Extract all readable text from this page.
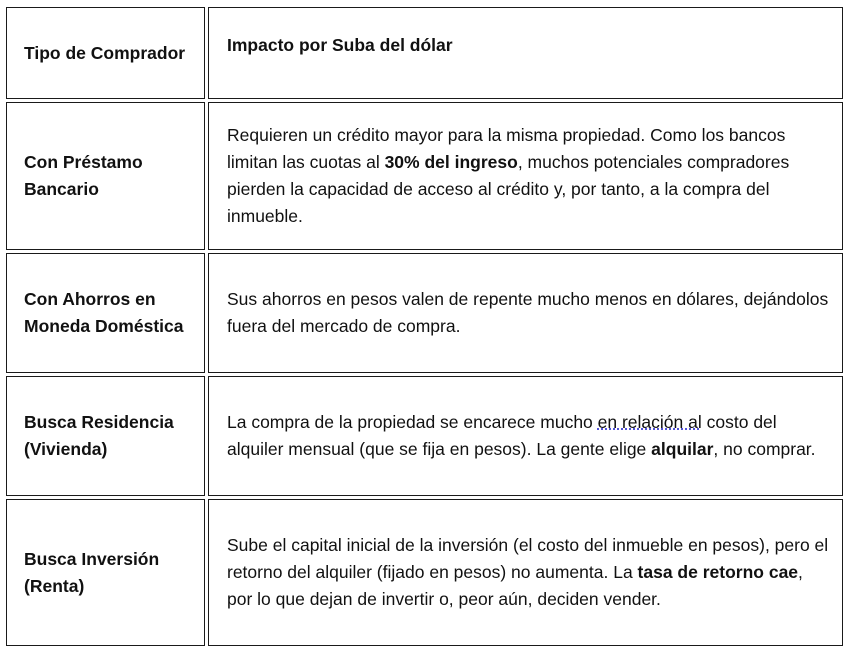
Tipo de Comprador Impacto por Suba del dólar

Con Préstamo Bancario

Requieren un crédito mayor para la misma propiedad. Como los bancos limitan las cuotas al 30% del ingreso, muchos potenciales compradores pierden la capacidad de acceso al crédito y, por tanto, a la compra del inmueble.

Con Ahorros en Moneda Doméstica

Sus ahorros en pesos valen de repente mucho menos en dólares, dejándolos fuera del mercado de compra.

Busca Residencia (Vivienda)

La compra de la propiedad se encarece mucho en relación al costo del alquiler mensual (que se fija en pesos). La gente elige alquilar, no comprar.

Busca Inversión (Renta)

Sube el capital inicial de la inversión (el costo del inmueble en pesos), pero el retorno del alquiler (fijado en pesos) no aumenta. La tasa de retorno cae, por lo que dejan de invertir o, peor aún, deciden vender.
